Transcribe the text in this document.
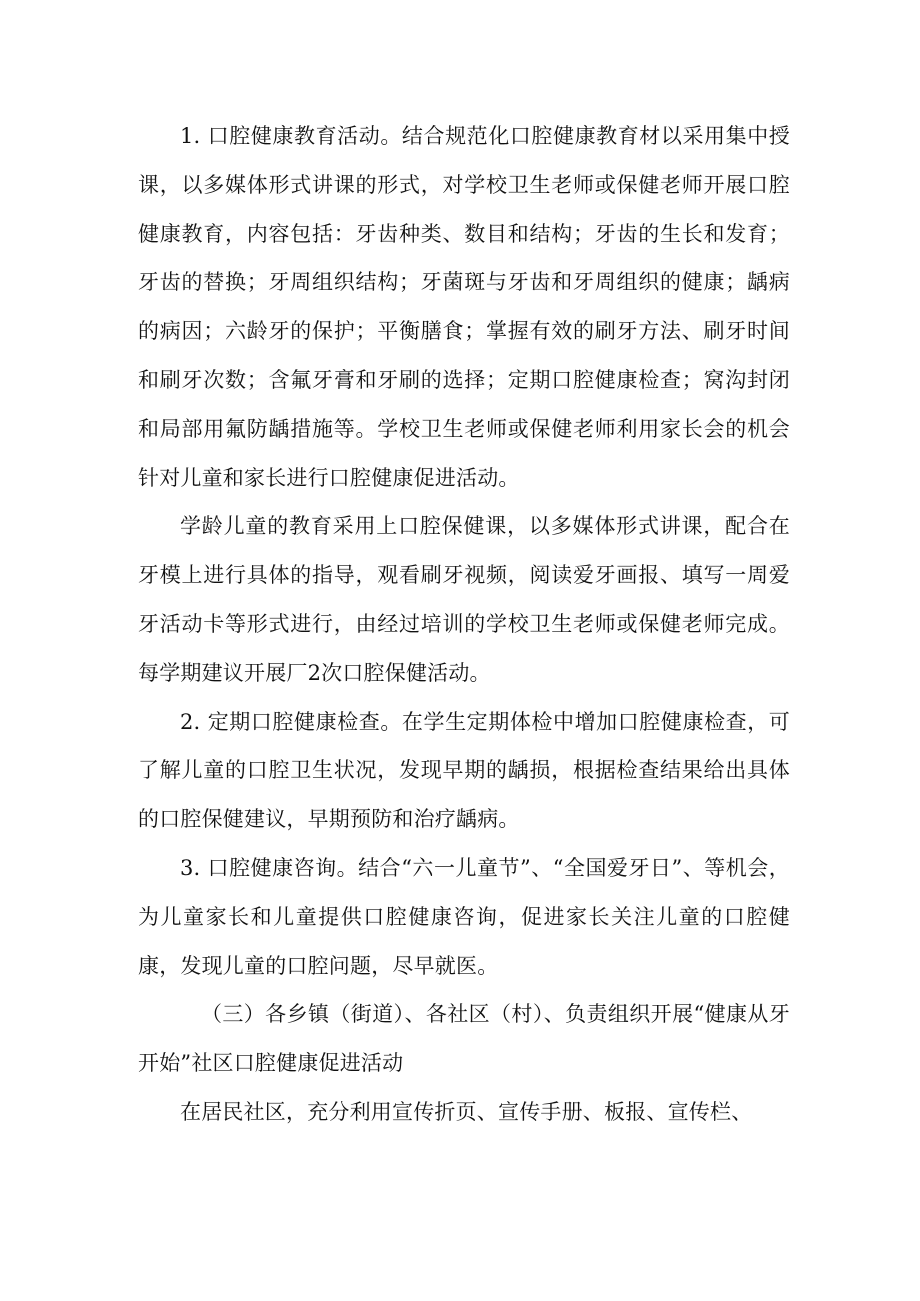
1. 口腔健康教育活动。结合规范化口腔健康教育材以采用集中授课，以多媒体形式讲课的形式，对学校卫生老师或保健老师开展口腔健康教育，内容包括：牙齿种类、数目和结构；牙齿的生长和发育；牙齿的替换；牙周组织结构；牙菌斑与牙齿和牙周组织的健康；龋病的病因；六龄牙的保护；平衡膳食；掌握有效的刷牙方法、刷牙时间和刷牙次数；含氟牙膏和牙刷的选择；定期口腔健康检查；窝沟封闭和局部用氟防龋措施等。学校卫生老师或保健老师利用家长会的机会针对儿童和家长进行口腔健康促进活动。

学龄儿童的教育采用上口腔保健课，以多媒体形式讲课，配合在牙模上进行具体的指导，观看刷牙视频，阅读爱牙画报、填写一周爱牙活动卡等形式进行，由经过培训的学校卫生老师或保健老师完成。每学期建议开展厂2次口腔保健活动。

2. 定期口腔健康检查。在学生定期体检中增加口腔健康检查，可了解儿童的口腔卫生状况，发现早期的龋损，根据检查结果给出具体的口腔保健建议，早期预防和治疗龋病。

3. 口腔健康咨询。结合“六一儿童节”、“全国爱牙日”、等机会，为儿童家长和儿童提供口腔健康咨询，促进家长关注儿童的口腔健康，发现儿童的口腔问题，尽早就医。

（三）各乡镇（街道）、各社区（村）、负责组织开展“健康从牙开始”社区口腔健康促进活动

在居民社区，充分利用宣传折页、宣传手册、板报、宣传栏、
